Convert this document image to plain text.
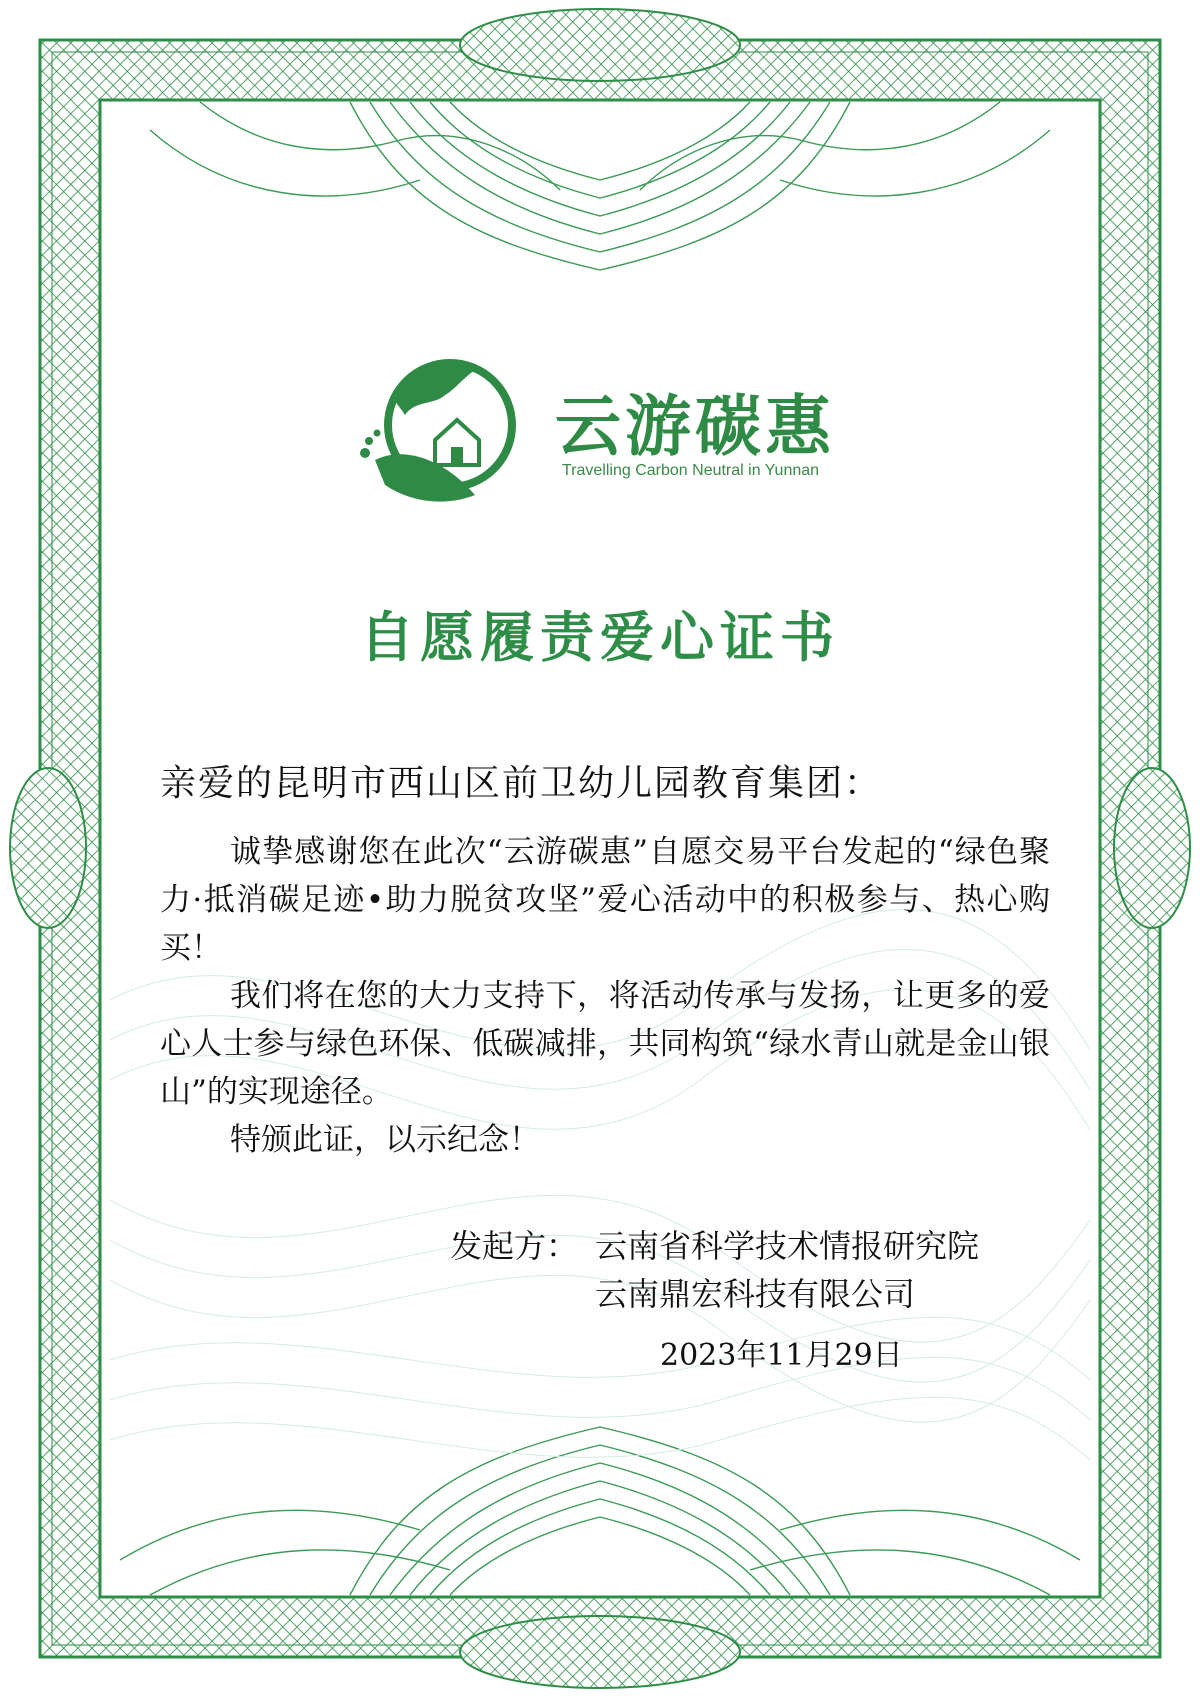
云游碳惠
Travelling Carbon Neutral in Yunnan
自愿履责爱心证书
亲爱的昆明市西山区前卫幼儿园教育集团：

诚挚感谢您在此次“云游碳惠”自愿交易平台发起的“绿色聚力·抵消碳足迹•助力脱贫攻坚”爱心活动中的积极参与、热心购买！

我们将在您的大力支持下，将活动传承与发扬，让更多的爱心人士参与绿色环保、低碳减排，共同构筑“绿水青山就是金山银山”的实现途径。

特颁此证，以示纪念！

发起方： 云南省科学技术情报研究院
云南鼎宏科技有限公司
2023年11月29日
